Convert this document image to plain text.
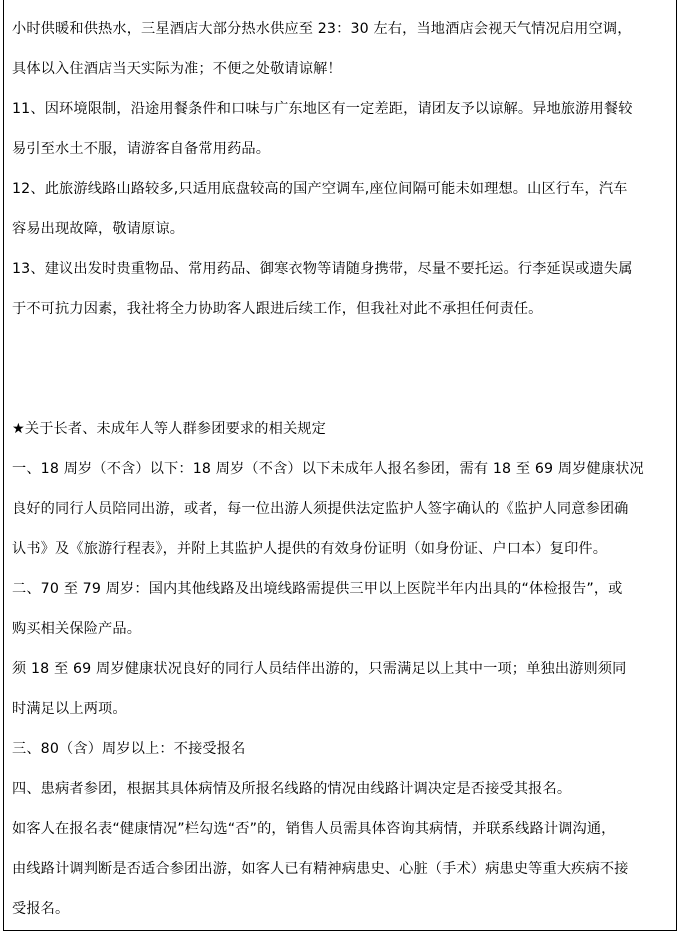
小时供暖和供热水，三星酒店大部分热水供应至 23：30 左右，当地酒店会视天气情况启用空调，
具体以入住酒店当天实际为准；不便之处敬请谅解！
11、因环境限制，沿途用餐条件和口味与广东地区有一定差距，请团友予以谅解。异地旅游用餐较
易引至水土不服，请游客自备常用药品。
12、此旅游线路山路较多,只适用底盘较高的国产空调车,座位间隔可能未如理想。山区行车，汽车
容易出现故障，敬请原谅。
13、建议出发时贵重物品、常用药品、御寒衣物等请随身携带，尽量不要托运。行李延误或遗失属
于不可抗力因素，我社将全力协助客人跟进后续工作，但我社对此不承担任何责任。
★关于长者、未成年人等人群参团要求的相关规定
一、18 周岁（不含）以下：18 周岁（不含）以下未成年人报名参团，需有 18 至 69 周岁健康状况
良好的同行人员陪同出游，或者，每一位出游人须提供法定监护人签字确认的《监护人同意参团确
认书》及《旅游行程表》，并附上其监护人提供的有效身份证明（如身份证、户口本）复印件。
二、70 至 79 周岁：国内其他线路及出境线路需提供三甲以上医院半年内出具的“体检报告”，或
购买相关保险产品。
须 18 至 69 周岁健康状况良好的同行人员结伴出游的，只需满足以上其中一项；单独出游则须同
时满足以上两项。
三、80（含）周岁以上：不接受报名
四、患病者参团，根据其具体病情及所报名线路的情况由线路计调决定是否接受其报名。
如客人在报名表“健康情况”栏勾选“否”的，销售人员需具体咨询其病情，并联系线路计调沟通，
由线路计调判断是否适合参团出游，如客人已有精神病患史、心脏（手术）病患史等重大疾病不接
受报名。
